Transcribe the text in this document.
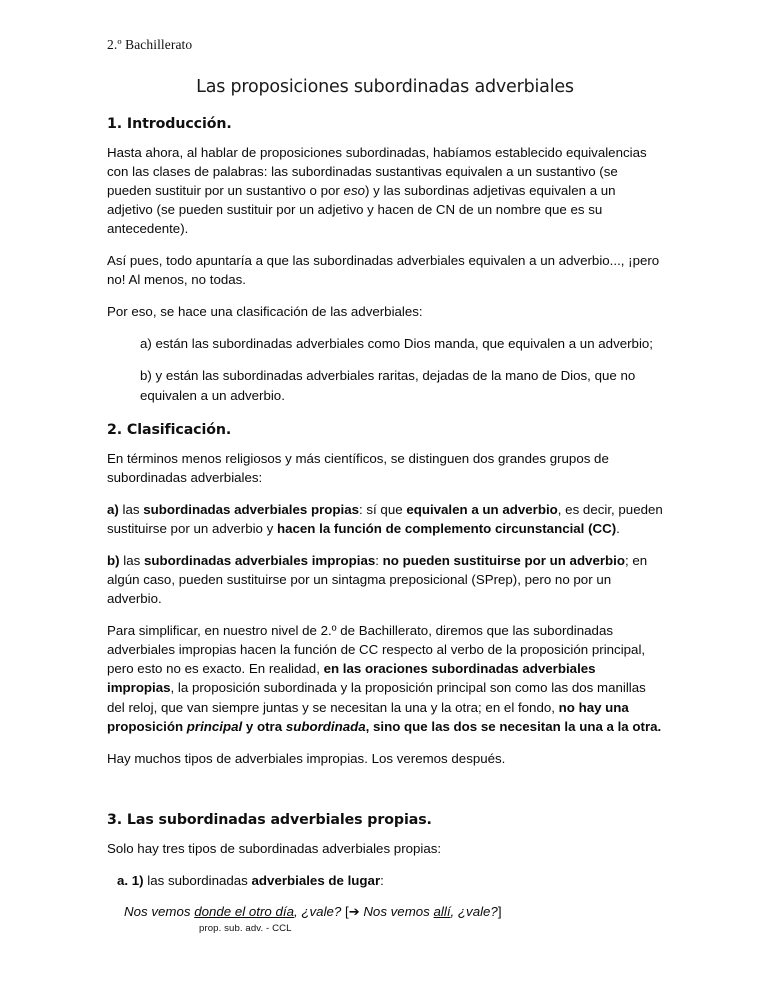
2.º Bachillerato
Las proposiciones subordinadas adverbiales
1. Introducción.

Hasta ahora, al hablar de proposiciones subordinadas, habíamos establecido equivalencias con las clases de palabras: las subordinadas sustantivas equivalen a un sustantivo (se pueden sustituir por un sustantivo o por eso) y las subordinas adjetivas equivalen a un adjetivo (se pueden sustituir por un adjetivo y hacen de CN de un nombre que es su antecedente).

Así pues, todo apuntaría a que las subordinadas adverbiales equivalen a un adverbio..., ¡pero no! Al menos, no todas.

Por eso, se hace una clasificación de las adverbiales:

a) están las subordinadas adverbiales como Dios manda, que equivalen a un adverbio;

b) y están las subordinadas adverbiales raritas, dejadas de la mano de Dios, que no equivalen a un adverbio.

2. Clasificación.

En términos menos religiosos y más científicos, se distinguen dos grandes grupos de subordinadas adverbiales:

a) las subordinadas adverbiales propias: sí que equivalen a un adverbio, es decir, pueden sustituirse por un adverbio y hacen la función de complemento circunstancial (CC).

b) las subordinadas adverbiales impropias: no pueden sustituirse por un adverbio; en algún caso, pueden sustituirse por un sintagma preposicional (SPrep), pero no por un adverbio.

Para simplificar, en nuestro nivel de 2.º de Bachillerato, diremos que las subordinadas adverbiales impropias hacen la función de CC respecto al verbo de la proposición principal, pero esto no es exacto. En realidad, en las oraciones subordinadas adverbiales impropias, la proposición subordinada y la proposición principal son como las dos manillas del reloj, que van siempre juntas y se necesitan la una y la otra; en el fondo, no hay una proposición principal y otra subordinada, sino que las dos se necesitan la una a la otra.

Hay muchos tipos de adverbiales impropias. Los veremos después.

3. Las subordinadas adverbiales propias.

Solo hay tres tipos de subordinadas adverbiales propias:

a. 1) las subordinadas adverbiales de lugar:

Nos vemos donde el otro día, ¿vale? [➔ Nos vemos allí, ¿vale?]
prop. sub. adv. - CCL
